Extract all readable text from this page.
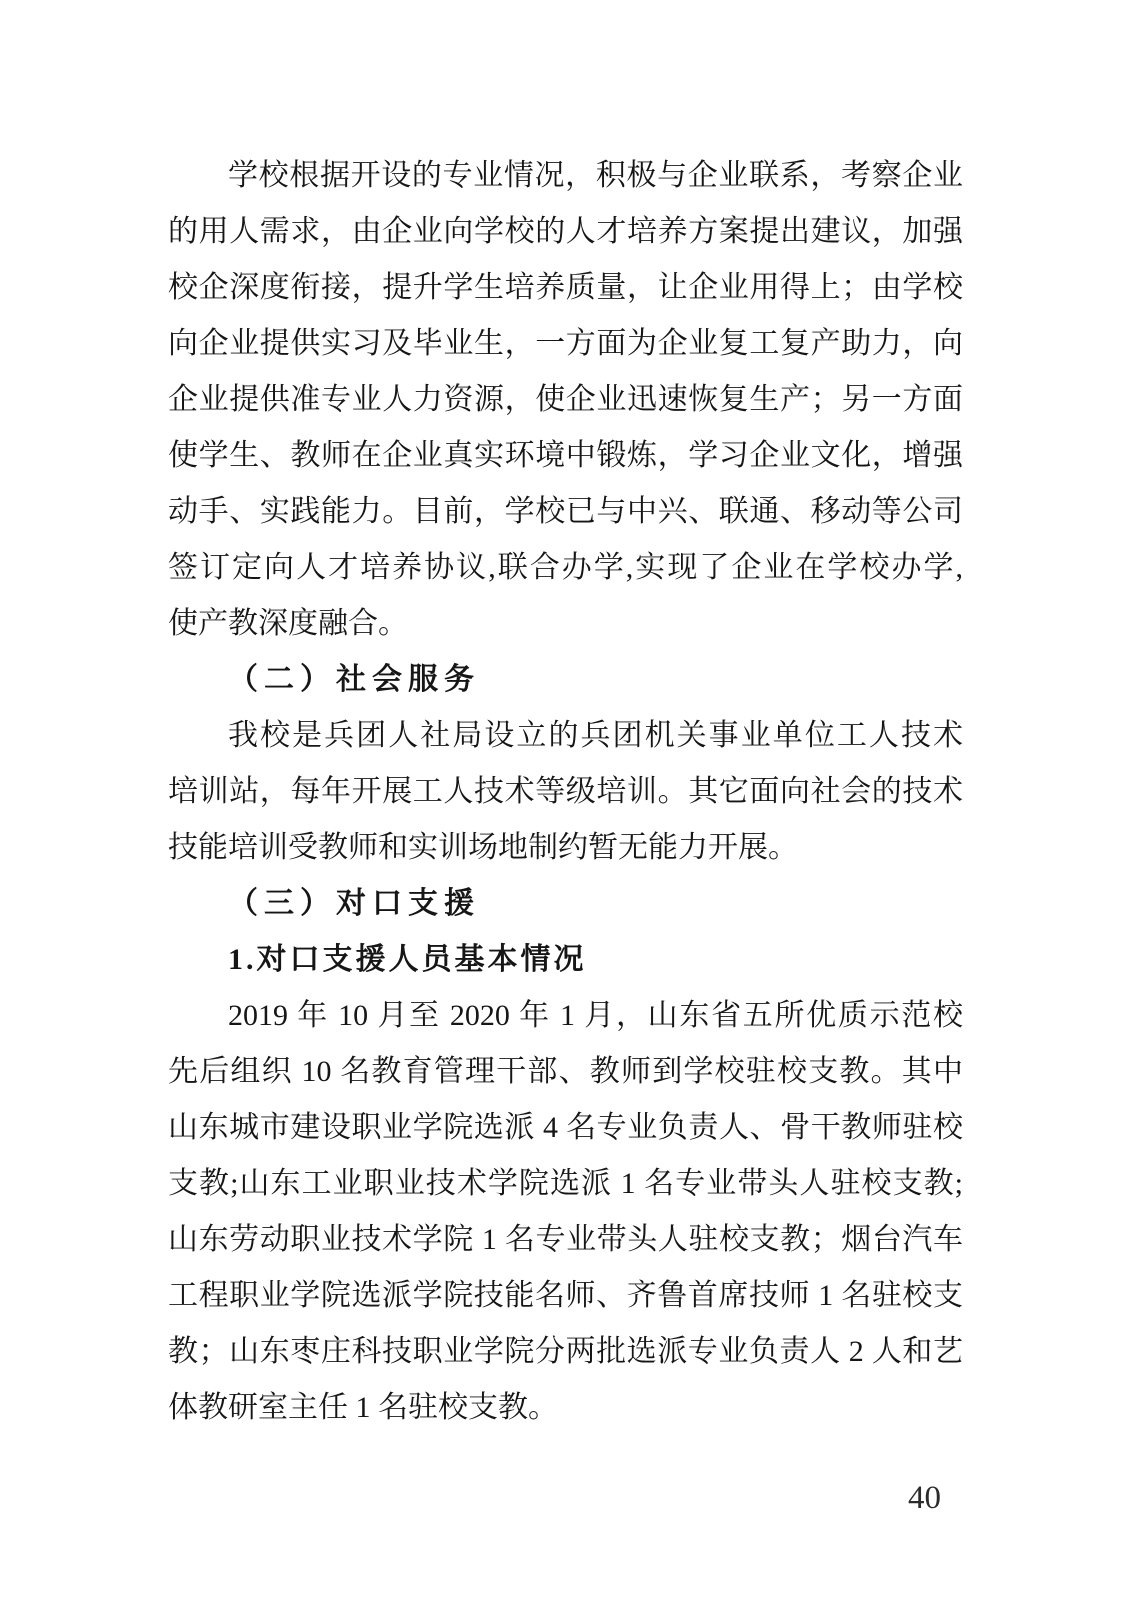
学校根据开设的专业情况，积极与企业联系，考察企业
的用人需求，由企业向学校的人才培养方案提出建议，加强
校企深度衔接，提升学生培养质量，让企业用得上；由学校
向企业提供实习及毕业生，一方面为企业复工复产助力，向
企业提供准专业人力资源，使企业迅速恢复生产；另一方面
使学生、教师在企业真实环境中锻炼，学习企业文化，增强
动手、实践能力。目前，学校已与中兴、联通、移动等公司
签订定向人才培养协议,联合办学,实现了企业在学校办学,
使产教深度融合。
（二）社会服务
我校是兵团人社局设立的兵团机关事业单位工人技术
培训站，每年开展工人技术等级培训。其它面向社会的技术
技能培训受教师和实训场地制约暂无能力开展。
（三）对口支援
1.对口支援人员基本情况
2019 年 10 月至 2020 年 1 月，山东省五所优质示范校
先后组织 10 名教育管理干部、教师到学校驻校支教。其中
山东城市建设职业学院选派 4 名专业负责人、骨干教师驻校
支教;山东工业职业技术学院选派 1 名专业带头人驻校支教;
山东劳动职业技术学院 1 名专业带头人驻校支教；烟台汽车
工程职业学院选派学院技能名师、齐鲁首席技师 1 名驻校支
教；山东枣庄科技职业学院分两批选派专业负责人 2 人和艺
体教研室主任 1 名驻校支教。
40
